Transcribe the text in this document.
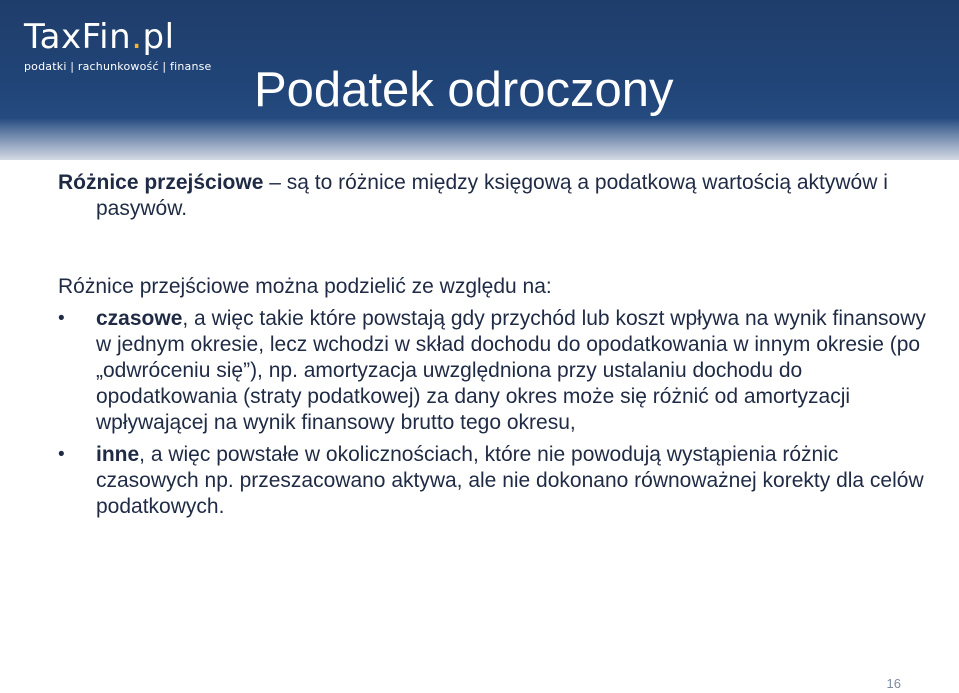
TaxFin.pl
podatki | rachunkowość | finanse Podatek odroczony

Różnice przejściowe – są to różnice między księgową a podatkową wartością aktywów i pasywów.

Różnice przejściowe można podzielić ze względu na:

• czasowe, a więc takie które powstają gdy przychód lub koszt wpływa na wynik finansowy w jednym okresie, lecz wchodzi w skład dochodu do opodatkowania w innym okresie (po „odwróceniu się”), np. amortyzacja uwzględniona przy ustalaniu dochodu do opodatkowania (straty podatkowej) za dany okres może się różnić od amortyzacji wpływającej na wynik finansowy brutto tego okresu,
• inne, a więc powstałe w okolicznościach, które nie powodują wystąpienia różnic czasowych np. przeszacowano aktywa, ale nie dokonano równoważnej korekty dla celów podatkowych.
16
